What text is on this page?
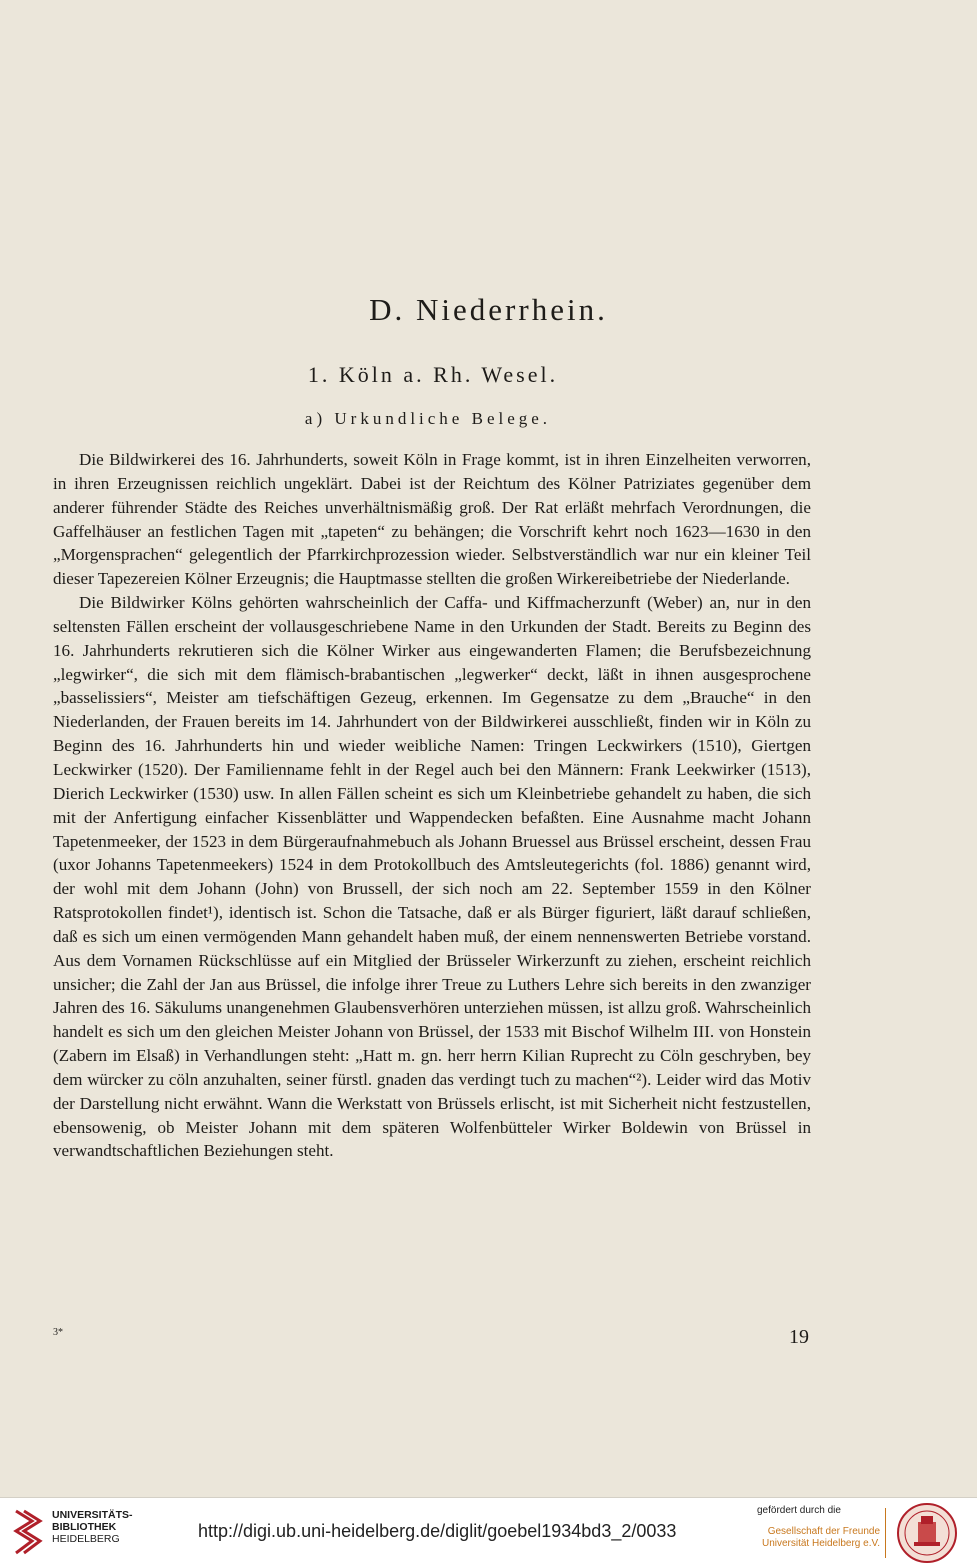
D. Niederrhein.
1. Köln a. Rh. Wesel.
a) Urkundliche Belege.

Die Bildwirkerei des 16. Jahrhunderts, soweit Köln in Frage kommt, ist in ihren Einzelheiten verworren, in ihren Erzeugnissen reichlich ungeklärt. Dabei ist der Reichtum des Kölner Patriziates gegenüber dem anderer führender Städte des Reiches unverhältnismäßig groß. Der Rat erläßt mehrfach Verordnungen, die Gaffelhäuser an festlichen Tagen mit „tapeten“ zu behängen; die Vorschrift kehrt noch 1623—1630 in den „Morgensprachen“ gelegentlich der Pfarrkirchprozession wieder. Selbstverständlich war nur ein kleiner Teil dieser Tapezereien Kölner Erzeugnis; die Hauptmasse stellten die großen Wirkereibetriebe der Niederlande.

Die Bildwirker Kölns gehörten wahrscheinlich der Caffa- und Kiffmacherzunft (Weber) an, nur in den seltensten Fällen erscheint der vollausgeschriebene Name in den Urkunden der Stadt. Bereits zu Beginn des 16. Jahrhunderts rekrutieren sich die Kölner Wirker aus eingewanderten Flamen; die Berufsbezeichnung „legwirker“, die sich mit dem flämisch-brabantischen „legwerker“ deckt, läßt in ihnen ausgesprochene „basselissiers“, Meister am tiefschäftigen Gezeug, erkennen. Im Gegensatze zu dem „Brauche“ in den Niederlanden, der Frauen bereits im 14. Jahrhundert von der Bildwirkerei ausschließt, finden wir in Köln zu Beginn des 16. Jahrhunderts hin und wieder weibliche Namen: Tringen Leckwirkers (1510), Giertgen Leckwirker (1520). Der Familienname fehlt in der Regel auch bei den Männern: Frank Leekwirker (1513), Dierich Leckwirker (1530) usw. In allen Fällen scheint es sich um Kleinbetriebe gehandelt zu haben, die sich mit der Anfertigung einfacher Kissenblätter und Wappendecken befaßten. Eine Ausnahme macht Johann Tapetenmeeker, der 1523 in dem Bürgeraufnahmebuch als Johann Bruessel aus Brüssel erscheint, dessen Frau (uxor Johanns Tapetenmeekers) 1524 in dem Protokollbuch des Amtsleutegerichts (fol. 1886) genannt wird, der wohl mit dem Johann (John) von Brussell, der sich noch am 22. September 1559 in den Kölner Ratsprotokollen findet¹), identisch ist. Schon die Tatsache, daß er als Bürger figuriert, läßt darauf schließen, daß es sich um einen vermögenden Mann gehandelt haben muß, der einem nennenswerten Betriebe vorstand. Aus dem Vornamen Rückschlüsse auf ein Mitglied der Brüsseler Wirkerzunft zu ziehen, erscheint reichlich unsicher; die Zahl der Jan aus Brüssel, die infolge ihrer Treue zu Luthers Lehre sich bereits in den zwanziger Jahren des 16. Säkulums unangenehmen Glaubensverhören unterziehen müssen, ist allzu groß. Wahrscheinlich handelt es sich um den gleichen Meister Johann von Brüssel, der 1533 mit Bischof Wilhelm III. von Honstein (Zabern im Elsaß) in Verhandlungen steht: „Hatt m. gn. herr herrn Kilian Ruprecht zu Cöln geschryben, bey dem würcker zu cöln anzuhalten, seiner fürstl. gnaden das verdingt tuch zu machen“²). Leider wird das Motiv der Darstellung nicht erwähnt. Wann die Werkstatt von Brüssels erlischt, ist mit Sicherheit nicht festzustellen, ebensowenig, ob Meister Johann mit dem späteren Wolfenbütteler Wirker Boldewin von Brüssel in verwandtschaftlichen Beziehungen steht.

3*	19
UNIVERSITÄTS-
BIBLIOTHEK
HEIDELBERG	http://digi.ub.uni-heidelberg.de/diglit/goebel1934bd3_2/0033
gefördert durch die
Gesellschaft der Freunde
Universität Heidelberg e.V.
